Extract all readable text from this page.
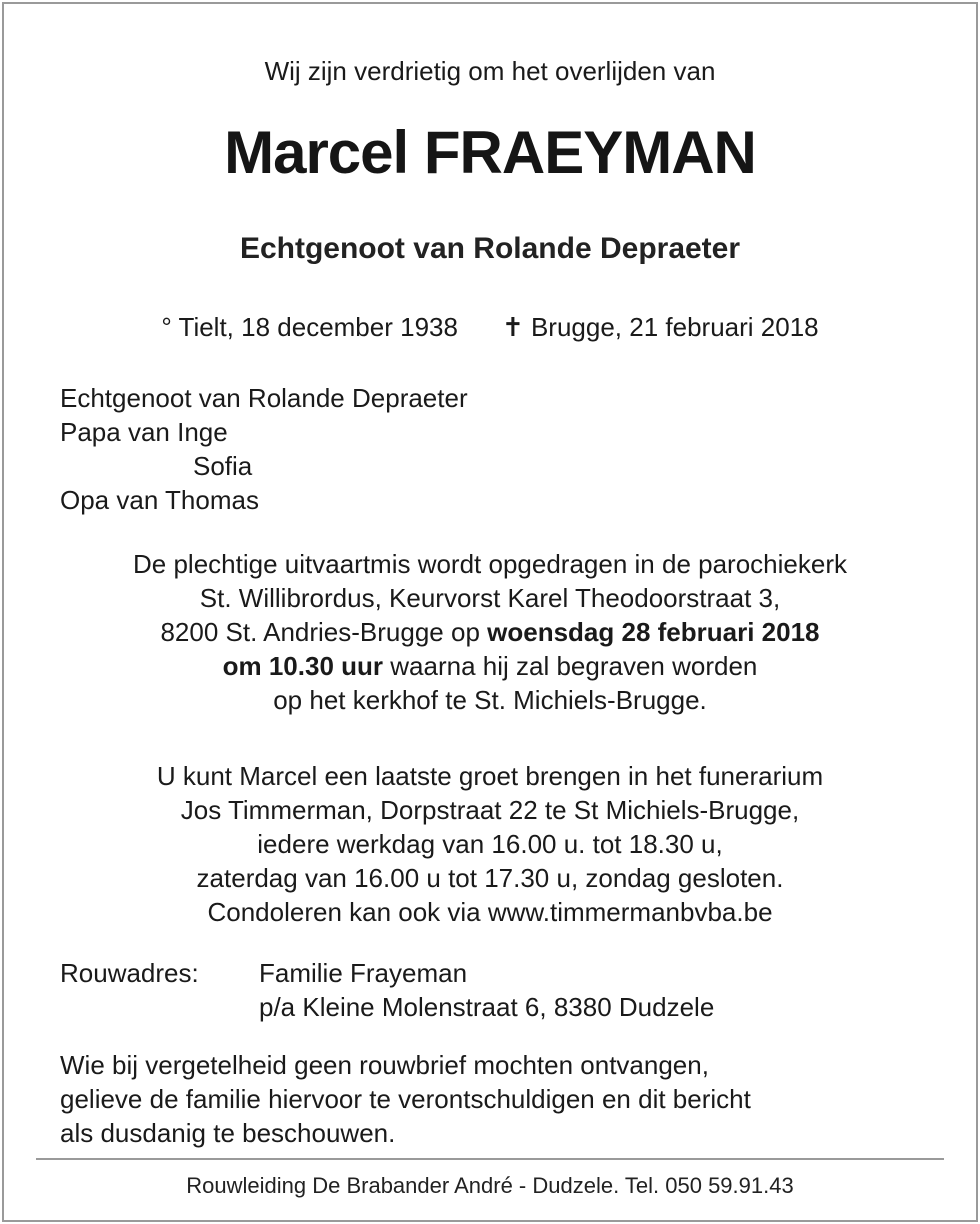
Wij zijn verdrietig om het overlijden van
Marcel FRAEYMAN
Echtgenoot van Rolande Depraeter
° Tielt, 18 december 1938 ✝ Brugge, 21 februari 2018
Echtgenoot van Rolande Depraeter
Papa van Inge
Sofia
Opa van Thomas
De plechtige uitvaartmis wordt opgedragen in de parochiekerk
St. Willibrordus, Keurvorst Karel Theodoorstraat 3,
8200 St. Andries-Brugge op woensdag 28 februari 2018
om 10.30 uur waarna hij zal begraven worden
op het kerkhof te St. Michiels-Brugge.
U kunt Marcel een laatste groet brengen in het funerarium
Jos Timmerman, Dorpstraat 22 te St Michiels-Brugge,
iedere werkdag van 16.00 u. tot 18.30 u,
zaterdag van 16.00 u tot 17.30 u, zondag gesloten.
Condoleren kan ook via www.timmermanbvba.be
Rouwadres: Familie Frayeman
p/a Kleine Molenstraat 6, 8380 Dudzele
Wie bij vergetelheid geen rouwbrief mochten ontvangen,
gelieve de familie hiervoor te verontschuldigen en dit bericht
als dusdanig te beschouwen.
Rouwleiding De Brabander André - Dudzele. Tel. 050 59.91.43
